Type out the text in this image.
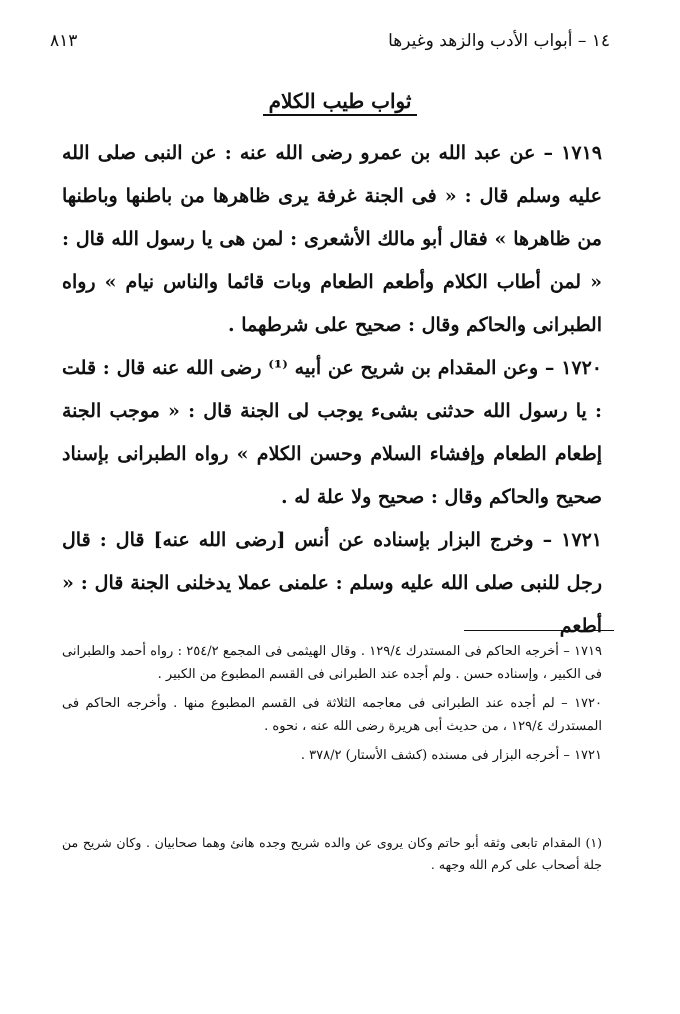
١٤ – أبواب الأدب والزهد وغيرها
٨١٣
ثواب طيب الكلام

١٧١٩ – عن عبد الله بن عمرو رضى الله عنه : عن النبى صلى الله عليه وسلم قال : « فى الجنة غرفة يرى ظاهرها من باطنها وباطنها من ظاهرها » فقال أبو مالك الأشعرى : لمن هى يا رسول الله قال : « لمن أطاب الكلام وأطعم الطعام وبات قائما والناس نيام » رواه الطبرانى والحاكم وقال : صحيح على شرطهما .

١٧٢٠ – وعن المقدام بن شريح عن أبيه ⁽¹⁾ رضى الله عنه قال : قلت : يا رسول الله حدثنى بشىء يوجب لى الجنة قال : « موجب الجنة إطعام الطعام وإفشاء السلام وحسن الكلام » رواه الطبرانى بإسناد صحيح والحاكم وقال : صحيح ولا علة له .

١٧٢١ – وخرج البزار بإسناده عن أنس [رضى الله عنه] قال : قال رجل للنبى صلى الله عليه وسلم : علمنى عملا يدخلنى الجنة قال : « أطعم

١٧١٩ – أخرجه الحاكم فى المستدرك ١٢٩/٤ . وقال الهيثمى فى المجمع ٢٥٤/٢ : رواه أحمد والطبرانى فى الكبير ، وإسناده حسن . ولم أجده عند الطبرانى فى القسم المطبوع من الكبير .

١٧٢٠ – لم أجده عند الطبرانى فى معاجمه الثلاثة فى القسم المطبوع منها . وأخرجه الحاكم فى المستدرك ١٢٩/٤ ، من حديث أبى هريرة رضى الله عنه ، نحوه .

١٧٢١ – أخرجه البزار فى مسنده (كشف الأستار) ٣٧٨/٢ .

(١) المقدام تابعى وثقه أبو حاتم وكان يروى عن والده شريح وجده هانئ وهما صحابيان . وكان شريح من جلة أصحاب على كرم الله وجهه .
